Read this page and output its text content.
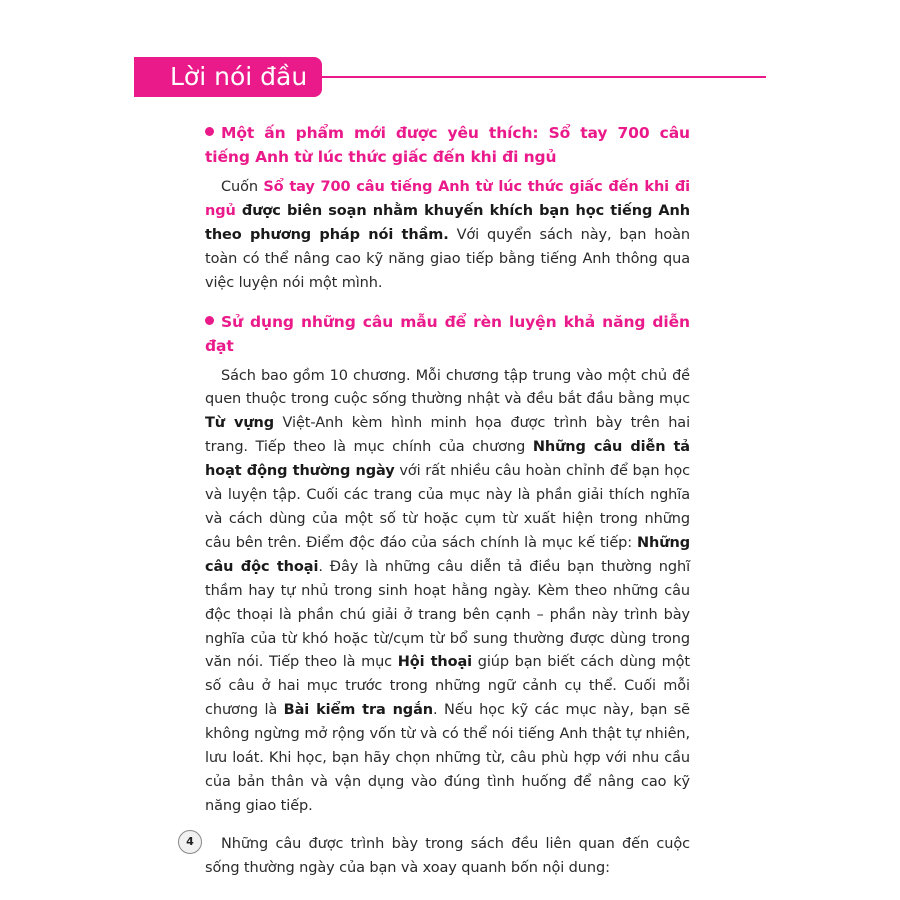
Lời nói đầu

Một ấn phẩm mới được yêu thích: Sổ tay 700 câu tiếng Anh từ lúc thức giấc đến khi đi ngủ

Cuốn Sổ tay 700 câu tiếng Anh từ lúc thức giấc đến khi đi ngủ được biên soạn nhằm khuyến khích bạn học tiếng Anh theo phương pháp nói thầm. Với quyển sách này, bạn hoàn toàn có thể nâng cao kỹ năng giao tiếp bằng tiếng Anh thông qua việc luyện nói một mình.

Sử dụng những câu mẫu để rèn luyện khả năng diễn đạt

Sách bao gồm 10 chương. Mỗi chương tập trung vào một chủ đề quen thuộc trong cuộc sống thường nhật và đều bắt đầu bằng mục Từ vựng Việt-Anh kèm hình minh họa được trình bày trên hai trang. Tiếp theo là mục chính của chương Những câu diễn tả hoạt động thường ngày với rất nhiều câu hoàn chỉnh để bạn học và luyện tập. Cuối các trang của mục này là phần giải thích nghĩa và cách dùng của một số từ hoặc cụm từ xuất hiện trong những câu bên trên. Điểm độc đáo của sách chính là mục kế tiếp: Những câu độc thoại. Đây là những câu diễn tả điều bạn thường nghĩ thầm hay tự nhủ trong sinh hoạt hằng ngày. Kèm theo những câu độc thoại là phần chú giải ở trang bên cạnh – phần này trình bày nghĩa của từ khó hoặc từ/cụm từ bổ sung thường được dùng trong văn nói. Tiếp theo là mục Hội thoại giúp bạn biết cách dùng một số câu ở hai mục trước trong những ngữ cảnh cụ thể. Cuối mỗi chương là Bài kiểm tra ngắn. Nếu học kỹ các mục này, bạn sẽ không ngừng mở rộng vốn từ và có thể nói tiếng Anh thật tự nhiên, lưu loát. Khi học, bạn hãy chọn những từ, câu phù hợp với nhu cầu của bản thân và vận dụng vào đúng tình huống để nâng cao kỹ năng giao tiếp.

Những câu được trình bày trong sách đều liên quan đến cuộc sống thường ngày của bạn và xoay quanh bốn nội dung:

4
